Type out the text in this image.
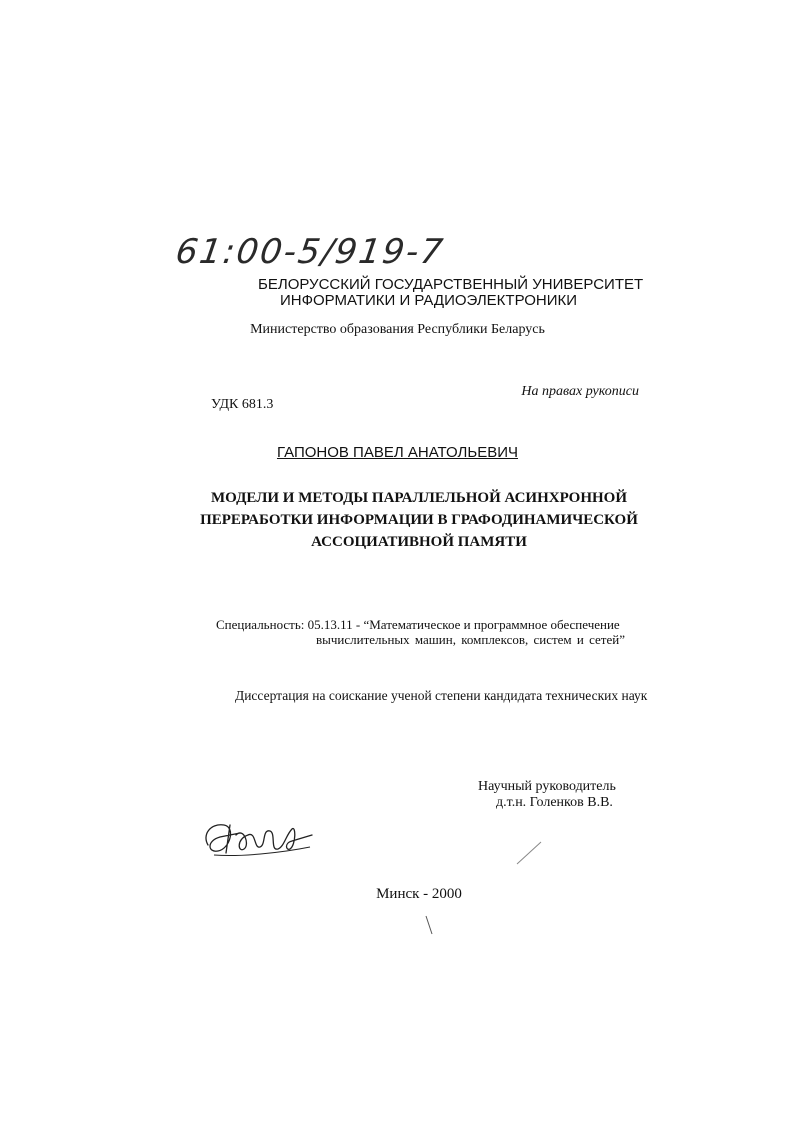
61:00-5/919-7
БЕЛОРУССКИЙ ГОСУДАРСТВЕННЫЙ УНИВЕРСИТЕТ
ИНФОРМАТИКИ И РАДИОЭЛЕКТРОНИКИ
Министерство образования Республики Беларусь
На правах рукописи
УДК 681.3
ГАПОНОВ ПАВЕЛ АНАТОЛЬЕВИЧ
МОДЕЛИ И МЕТОДЫ ПАРАЛЛЕЛЬНОЙ АСИНХРОННОЙ
ПЕРЕРАБОТКИ ИНФОРМАЦИИ В ГРАФОДИНАМИЧЕСКОЙ
АССОЦИАТИВНОЙ ПАМЯТИ
Специальность: 05.13.11 - “Математическое и программное обеспечение
вычислительных машин, комплексов, систем и сетей”
Диссертация на соискание ученой степени кандидата технических наук
Научный руководитель
д.т.н. Голенков В.В.
Минск - 2000
